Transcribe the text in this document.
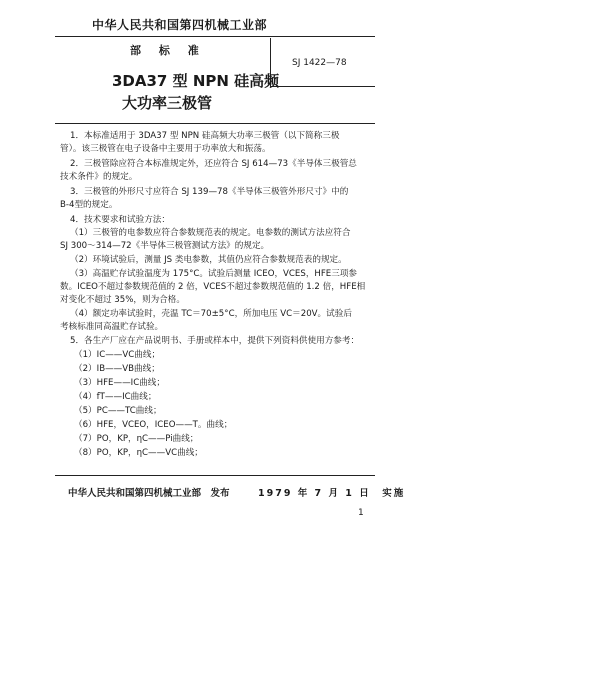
中华人民共和国第四机械工业部
部 标 准
SJ 1422—78
3DA37 型 NPN 硅高频
大功率三极管
1．本标准适用于 3DA37 型 NPN 硅高频大功率三极管（以下简称三极
管）。该三极管在电子设备中主要用于功率放大和振荡。
2．三极管除应符合本标准规定外，还应符合 SJ 614—73《半导体三极管总
技术条件》的规定。
3．三极管的外形尺寸应符合 SJ 139—78《半导体三极管外形尺寸》中的
B-4型的规定。
4．技术要求和试验方法：
（1）三极管的电参数应符合参数规范表的规定。电参数的测试方法应符合
SJ 300～314—72《半导体三极管测试方法》的规定。
（2）环境试验后，测量 JS 类电参数，其值仍应符合参数规范表的规定。
（3）高温贮存试验温度为 175°C。试验后测量 ICEO，VCES，HFE三项参
数。ICEO不超过参数规范值的 2 倍，VCES不超过参数规范值的 1.2 倍，HFE相
对变化不超过 35%，则为合格。
（4）额定功率试验时，壳温 TC＝70±5°C，所加电压 VC＝20V。试验后
考核标准同高温贮存试验。
5．各生产厂应在产品说明书、手册或样本中，提供下列资料供使用方参考：
（1）IC——VC曲线；
（2）IB——VB曲线；
（3）HFE——IC曲线；
（4）fT——IC曲线；
（5）PC——TC曲线；
（6）HFE，VCEO，ICEO——T。曲线；
（7）PO，KP，ηC——Pi曲线；
（8）PO，KP，ηC——VC曲线；
中华人民共和国第四机械工业部　发布	1979 年 7 月 1 日　实施
1
